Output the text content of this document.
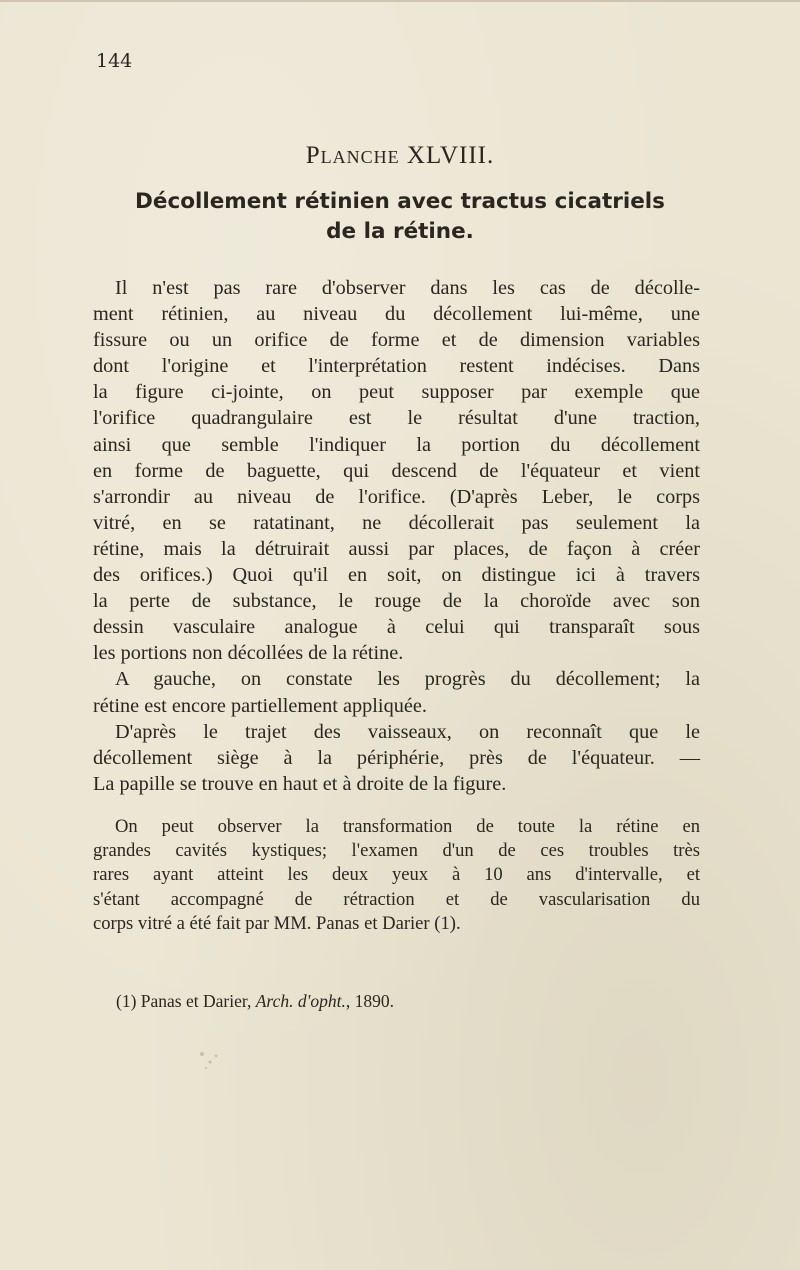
144
Planche XLVIII.
Décollement rétinien avec tractus cicatriels
de la rétine.
Il n'est pas rare d'observer dans les cas de décolle-
ment rétinien, au niveau du décollement lui-même, une
fissure ou un orifice de forme et de dimension variables
dont l'origine et l'interprétation restent indécises. Dans
la figure ci-jointe, on peut supposer par exemple que
l'orifice quadrangulaire est le résultat d'une traction,
ainsi que semble l'indiquer la portion du décollement
en forme de baguette, qui descend de l'équateur et vient
s'arrondir au niveau de l'orifice. (D'après Leber, le corps
vitré, en se ratatinant, ne décollerait pas seulement la
rétine, mais la détruirait aussi par places, de façon à créer
des orifices.) Quoi qu'il en soit, on distingue ici à travers
la perte de substance, le rouge de la choroïde avec son
dessin vasculaire analogue à celui qui transparaît sous
les portions non décollées de la rétine.
A gauche, on constate les progrès du décollement; la
rétine est encore partiellement appliquée.
D'après le trajet des vaisseaux, on reconnaît que le
décollement siège à la périphérie, près de l'équateur. —
La papille se trouve en haut et à droite de la figure.
On peut observer la transformation de toute la rétine en
grandes cavités kystiques; l'examen d'un de ces troubles très
rares ayant atteint les deux yeux à 10 ans d'intervalle, et
s'étant accompagné de rétraction et de vascularisation du
corps vitré a été fait par MM. Panas et Darier (1).
(1) Panas et Darier, Arch. d'opht., 1890.
